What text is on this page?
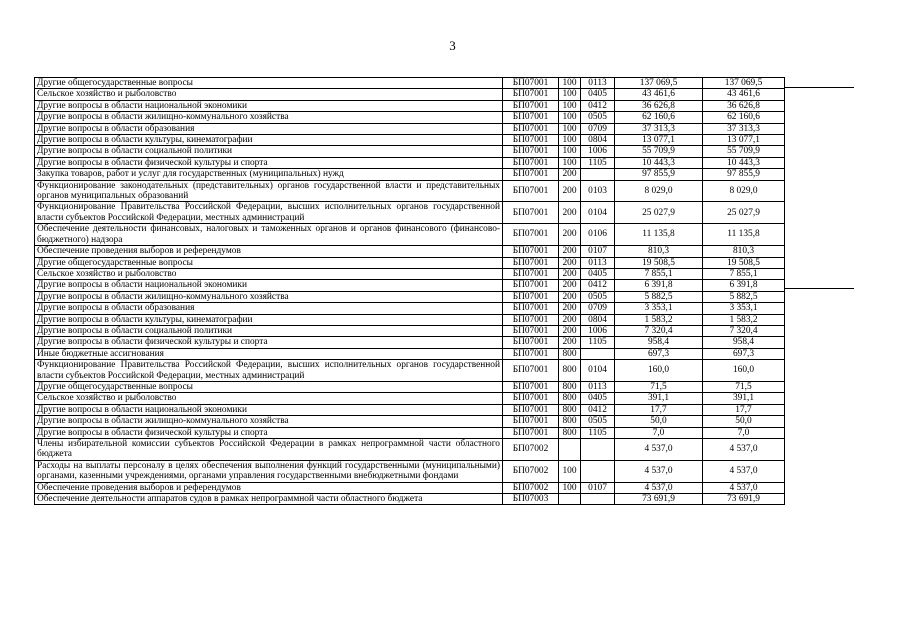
3
Другие общегосударственные вопросы	БП07001	100	0113	137 069,5	137 069,5
Сельское хозяйство и рыболовство	БП07001	100	0405	43 461,6	43 461,6
Другие вопросы в области национальной экономики	БП07001	100	0412	36 626,8	36 626,8
Другие вопросы в области жилищно-коммунального хозяйства	БП07001	100	0505	62 160,6	62 160,6
Другие вопросы в области образования	БП07001	100	0709	37 313,3	37 313,3
Другие вопросы в области культуры, кинематографии	БП07001	100	0804	13 077,1	13 077,1
Другие вопросы в области социальной политики	БП07001	100	1006	55 709,9	55 709,9
Другие вопросы в области физической культуры и спорта	БП07001	100	1105	10 443,3	10 443,3
Закупка товаров, работ и услуг для государственных (муниципальных) нужд	БП07001	200		97 855,9	97 855,9
Функционирование законодательных (представительных) органов государственной власти и представительных органов муниципальных образований	БП07001	200	0103	8 029,0	8 029,0
Функционирование Правительства Российской Федерации, высших исполнительных органов государственной власти субъектов Российской Федерации, местных администраций	БП07001	200	0104	25 027,9	25 027,9
Обеспечение деятельности финансовых, налоговых и таможенных органов и органов финансового (финансово-бюджетного) надзора	БП07001	200	0106	11 135,8	11 135,8
Обеспечение проведения выборов и референдумов	БП07001	200	0107	810,3	810,3
Другие общегосударственные вопросы	БП07001	200	0113	19 508,5	19 508,5
Сельское хозяйство и рыболовство	БП07001	200	0405	7 855,1	7 855,1
Другие вопросы в области национальной экономики	БП07001	200	0412	6 391,8	6 391,8
Другие вопросы в области жилищно-коммунального хозяйства	БП07001	200	0505	5 882,5	5 882,5
Другие вопросы в области образования	БП07001	200	0709	3 353,1	3 353,1
Другие вопросы в области культуры, кинематографии	БП07001	200	0804	1 583,2	1 583,2
Другие вопросы в области социальной политики	БП07001	200	1006	7 320,4	7 320,4
Другие вопросы в области физической культуры и спорта	БП07001	200	1105	958,4	958,4
Иные бюджетные ассигнования	БП07001	800		697,3	697,3
Функционирование Правительства Российской Федерации, высших исполнительных органов государственной власти субъектов Российской Федерации, местных администраций	БП07001	800	0104	160,0	160,0
Другие общегосударственные вопросы	БП07001	800	0113	71,5	71,5
Сельское хозяйство и рыболовство	БП07001	800	0405	391,1	391,1
Другие вопросы в области национальной экономики	БП07001	800	0412	17,7	17,7
Другие вопросы в области жилищно-коммунального хозяйства	БП07001	800	0505	50,0	50,0
Другие вопросы в области физической культуры и спорта	БП07001	800	1105	7,0	7,0
Члены избирательной комиссии субъектов Российской Федерации в рамках непрограммной части областного бюджета	БП07002			4 537,0	4 537,0
Расходы на выплаты персоналу в целях обеспечения выполнения функций государственными (муниципальными) органами, казенными учреждениями, органами управления государственными внебюджетными фондами	БП07002	100		4 537,0	4 537,0
Обеспечение проведения выборов и референдумов	БП07002	100	0107	4 537,0	4 537,0
Обеспечение деятельности аппаратов судов в рамках непрограммной части областного бюджета	БП07003			73 691,9	73 691,9
